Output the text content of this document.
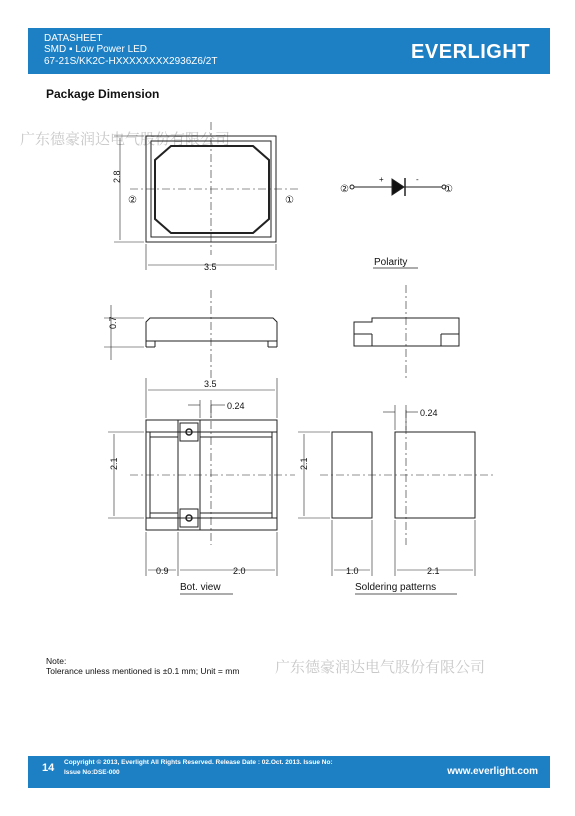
DATASHEET
SMD ▪ Low Power LED
67-21S/KK2C-HXXXXXXXX2936Z6/2T	EVERLIGHT
Package Dimension
广东德豪润达电气股份有限公司
广东德豪润达电气股份有限公司
②	①
2.8
3.5
②	①
+	-
Polarity
0.7
3.5
0.24
2.1
0.9	2.0
Bot. view
0.24
2.1
1.0	2.1
Soldering patterns
Note:
Tolerance unless mentioned is ±0.1 mm; Unit = mm
14 Copyright © 2013, Everlight All Rights Reserved. Release Date : 02.Oct. 2013. Issue No:
Issue No:DSE-000	www.everlight.com
